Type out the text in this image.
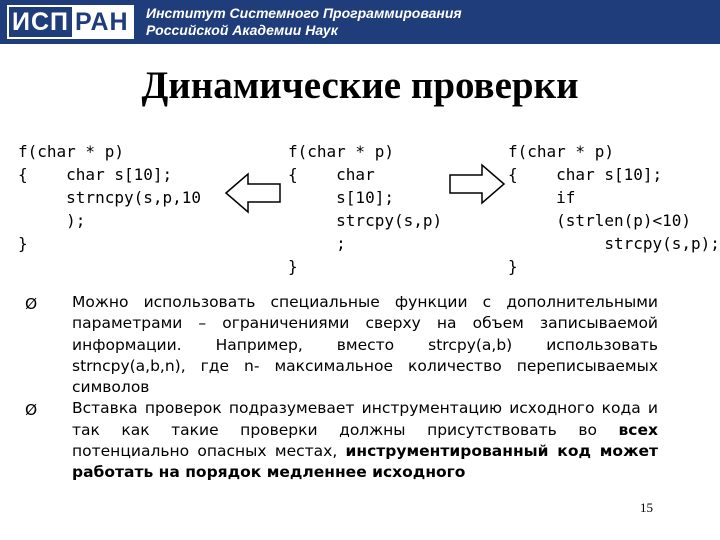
ИСП РАН Институт Системного Программирования
Российской Академии Наук
Динамические проверки
f(char * p)
{    char s[10];
strncpy(s,p,10
);
}
f(char * p)
{    char
s[10];
strcpy(s,p)
;
}
f(char * p)
{    char s[10];
if
(strlen(p)<10)
strcpy(s,p);
}

Ø Можно использовать специальные функции с дополнительными параметрами – ограничениями сверху на объем записываемой информации. Например, вместо strcpy(a,b) использовать strncpy(a,b,n), где n- максимальное количество переписываемых символов

Ø Вставка проверок подразумевает инструментацию исходного кода и так как такие проверки должны присутствовать во всех потенциально опасных местах, инструментированный код может работать на порядок медленнее исходного

15
